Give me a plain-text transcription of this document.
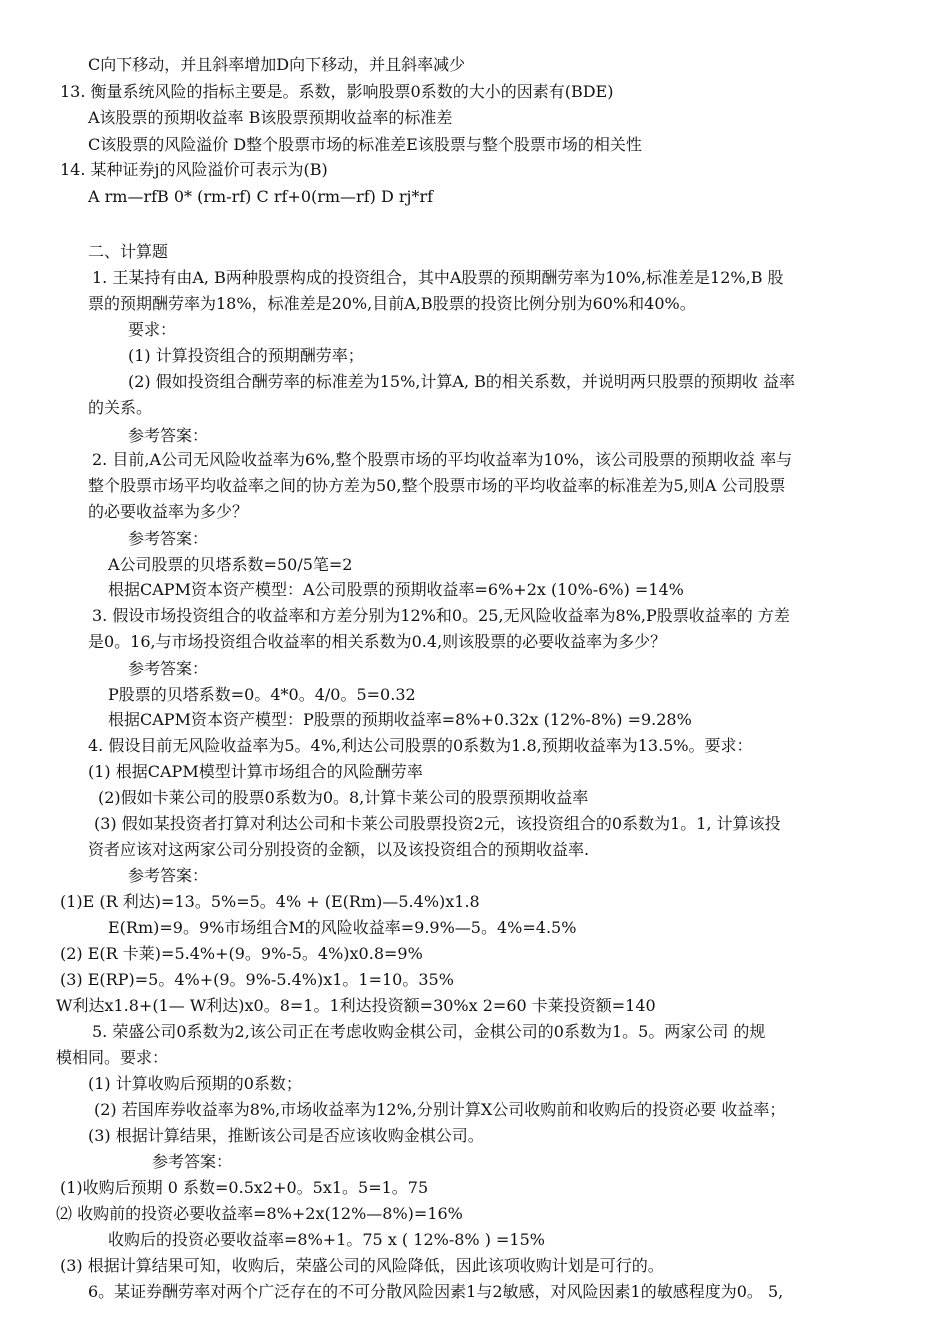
C向下移动，并且斜率增加D向下移动，并且斜率减少
13. 衡量系统风险的指标主要是。系数，影响股票0系数的大小的因素有(BDE)
A该股票的预期收益率 B该股票预期收益率的标准差
C该股票的风险溢价 D整个股票市场的标准差E该股票与整个股票市场的相关性
14. 某种证券j的风险溢价可表示为(B)
A rm—rfB 0* (rm-rf) C rf+0(rm—rf) D rj*rf
二、计算题
1. 王某持有由A, B两种股票构成的投资组合，其中A股票的预期酬劳率为10%,标准差是12%,B 股
票的预期酬劳率为18%，标准差是20%,目前A,B股票的投资比例分别为60%和40%。
要求：
(1) 计算投资组合的预期酬劳率；
(2) 假如投资组合酬劳率的标准差为15%,计算A, B的相关系数，并说明两只股票的预期收 益率
的关系。
参考答案：
2. 目前,A公司无风险收益率为6%,整个股票市场的平均收益率为10%，该公司股票的预期收益 率与
整个股票市场平均收益率之间的协方差为50,整个股票市场的平均收益率的标准差为5,则A 公司股票
的必要收益率为多少？
参考答案：
A公司股票的贝塔系数=50/5笔=2
根据CAPM资本资产模型：A公司股票的预期收益率=6%+2x (10%-6%) =14%
3. 假设市场投资组合的收益率和方差分别为12%和0。25,无风险收益率为8%,P股票收益率的 方差
是0。16,与市场投资组合收益率的相关系数为0.4,则该股票的必要收益率为多少？
参考答案：
P股票的贝塔系数=0。4*0。4/0。5=0.32
根据CAPM资本资产模型：P股票的预期收益率=8%+0.32x (12%-8%) =9.28%
4. 假设目前无风险收益率为5。4%,利达公司股票的0系数为1.8,预期收益率为13.5%。要求：
(1) 根据CAPM模型计算市场组合的风险酬劳率
(2)假如卡莱公司的股票0系数为0。8,计算卡莱公司的股票预期收益率
(3) 假如某投资者打算对利达公司和卡莱公司股票投资2元，该投资组合的0系数为1。1, 计算该投
资者应该对这两家公司分别投资的金额，以及该投资组合的预期收益率.
参考答案：
(1)E (R 利达)=13。5%=5。4% + (E(Rm)—5.4%)x1.8
E(Rm)=9。9%市场组合M的风险收益率=9.9%—5。4%=4.5%
(2) E(R 卡莱)=5.4%+(9。9%-5。4%)x0.8=9%
(3) E(RP)=5。4%+(9。9%-5.4%)x1。1=10。35%
W利达x1.8+(1— W利达)x0。8=1。1利达投资额=30%x 2=60 卡莱投资额=140
5. 荣盛公司0系数为2,该公司正在考虑收购金棋公司，金棋公司的0系数为1。5。两家公司 的规
模相同。要求：
(1) 计算收购后预期的0系数；
(2) 若国库券收益率为8%,市场收益率为12%,分别计算X公司收购前和收购后的投资必要 收益率；
(3) 根据计算结果，推断该公司是否应该收购金棋公司。
参考答案：
(1)收购后预期 0 系数=0.5x2+0。5x1。5=1。75
⑵ 收购前的投资必要收益率=8%+2x(12%—8%)=16%
收购后的投资必要收益率=8%+1。75 x ( 12%-8% ) =15%
(3) 根据计算结果可知，收购后，荣盛公司的风险降低，因此该项收购计划是可行的。
6。某证券酬劳率对两个广泛存在的不可分散风险因素1与2敏感，对风险因素1的敏感程度为0。 5,
